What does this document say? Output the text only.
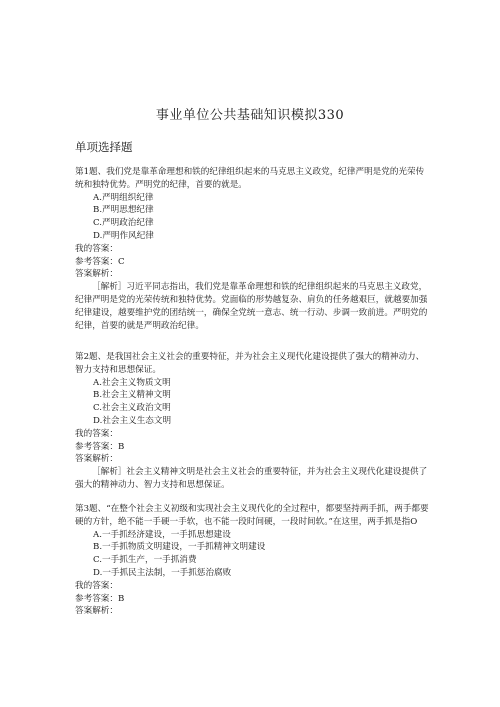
事业单位公共基础知识模拟330
单项选择题

第1题、我们党是靠革命理想和铁的纪律组织起来的马克思主义政党，纪律严明是党的光荣传统和独特优势。严明党的纪律，首要的就是。

A.严明组织纪律
B.严明思想纪律
C.严明政治纪律
D.严明作风纪律

我的答案：

参考答案：C

答案解析：

［解析］习近平同志指出，我们党是靠革命理想和铁的纪律组织起来的马克思主义政党，纪律严明是党的光荣传统和独特优势。党面临的形势越复杂、肩负的任务越艰巨，就越要加强纪律建设，越要维护党的团结统一，确保全党统一意志、统一行动、步调一致前进。严明党的纪律，首要的就是严明政治纪律。

第2题、是我国社会主义社会的重要特征，并为社会主义现代化建设提供了强大的精神动力、智力支持和思想保证。

A.社会主义物质文明
B.社会主义精神文明
C.社会主义政治文明
D.社会主义生态文明

我的答案：

参考答案：B

答案解析：

［解析］社会主义精神文明是社会主义社会的重要特征，并为社会主义现代化建设提供了强大的精神动力、智力支持和思想保证。

第3题、“在整个社会主义初级和实现社会主义现代化的全过程中，都要坚持两手抓，两手都要硬的方针，绝不能一手硬一手软，也不能一段时间硬，一段时间软。”在这里，两手抓是指O

A.一手抓经济建设，一手抓思想建设
B.一手抓物质文明建设，一手抓精神文明建设
C.一手抓生产，一手抓消费
D.一手抓民主法制，一手抓惩治腐败

我的答案：

参考答案：B

答案解析：
